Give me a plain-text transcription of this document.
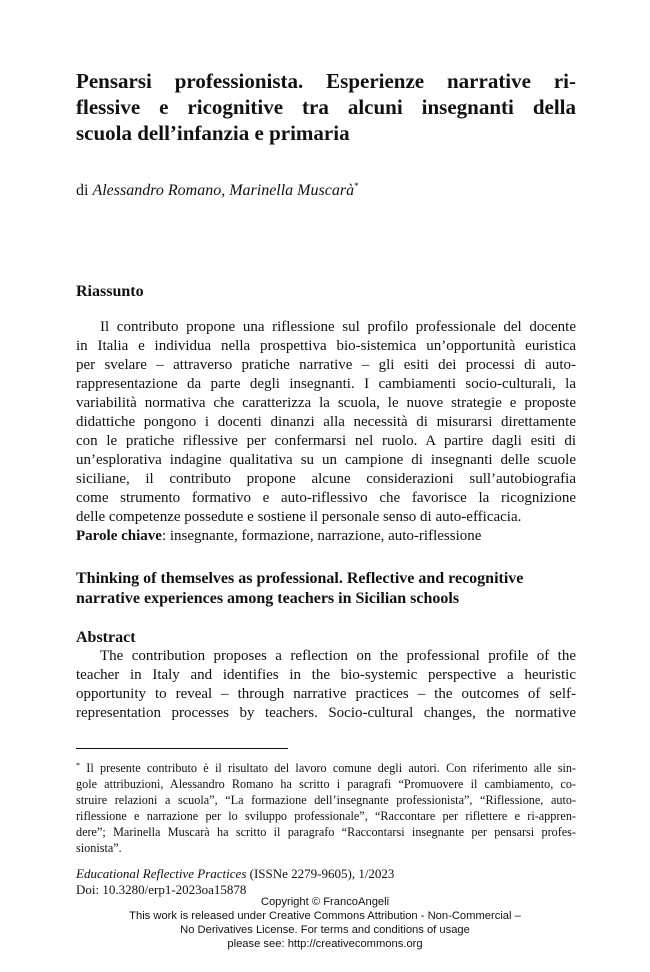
Pensarsi professionista. Esperienze narrative ri-
flessive e ricognitive tra alcuni insegnanti della
scuola dell’infanzia e primaria
di Alessandro Romano, Marinella Muscarà*
Riassunto

Il contributo propone una riflessione sul profilo professionale del docente
in Italia e individua nella prospettiva bio-sistemica un’opportunità euristica
per svelare – attraverso pratiche narrative – gli esiti dei processi di auto-
rappresentazione da parte degli insegnanti. I cambiamenti socio-culturali, la
variabilità normativa che caratterizza la scuola, le nuove strategie e proposte
didattiche pongono i docenti dinanzi alla necessità di misurarsi direttamente
con le pratiche riflessive per confermarsi nel ruolo. A partire dagli esiti di
un’esplorativa indagine qualitativa su un campione di insegnanti delle scuole
siciliane, il contributo propone alcune considerazioni sull’autobiografia
come strumento formativo e auto-riflessivo che favorisce la ricognizione
delle competenze possedute e sostiene il personale senso di auto-efficacia.
Parole chiave: insegnante, formazione, narrazione, auto-riflessione

Thinking of themselves as professional. Reflective and recognitive
narrative experiences among teachers in Sicilian schools
Abstract

The contribution proposes a reflection on the professional profile of the
teacher in Italy and identifies in the bio-systemic perspective a heuristic
opportunity to reveal – through narrative practices – the outcomes of self-
representation processes by teachers. Socio-cultural changes, the normative

* Il presente contributo è il risultato del lavoro comune degli autori. Con riferimento alle sin-
gole attribuzioni, Alessandro Romano ha scritto i paragrafi “Promuovere il cambiamento, co-
struire relazioni a scuola”, “La formazione dell’insegnante professionista”, “Riflessione, auto-
riflessione e narrazione per lo sviluppo professionale”, “Raccontare per riflettere e ri-appren-
dere”; Marinella Muscarà ha scritto il paragrafo “Raccontarsi insegnante per pensarsi profes-
sionista”.

Educational Reflective Practices (ISSNe 2279-9605), 1/2023
Doi: 10.3280/erp1-2023oa15878
Copyright © FrancoAngeli
This work is released under Creative Commons Attribution - Non-Commercial –
No Derivatives License. For terms and conditions of usage
please see: http://creativecommons.org
